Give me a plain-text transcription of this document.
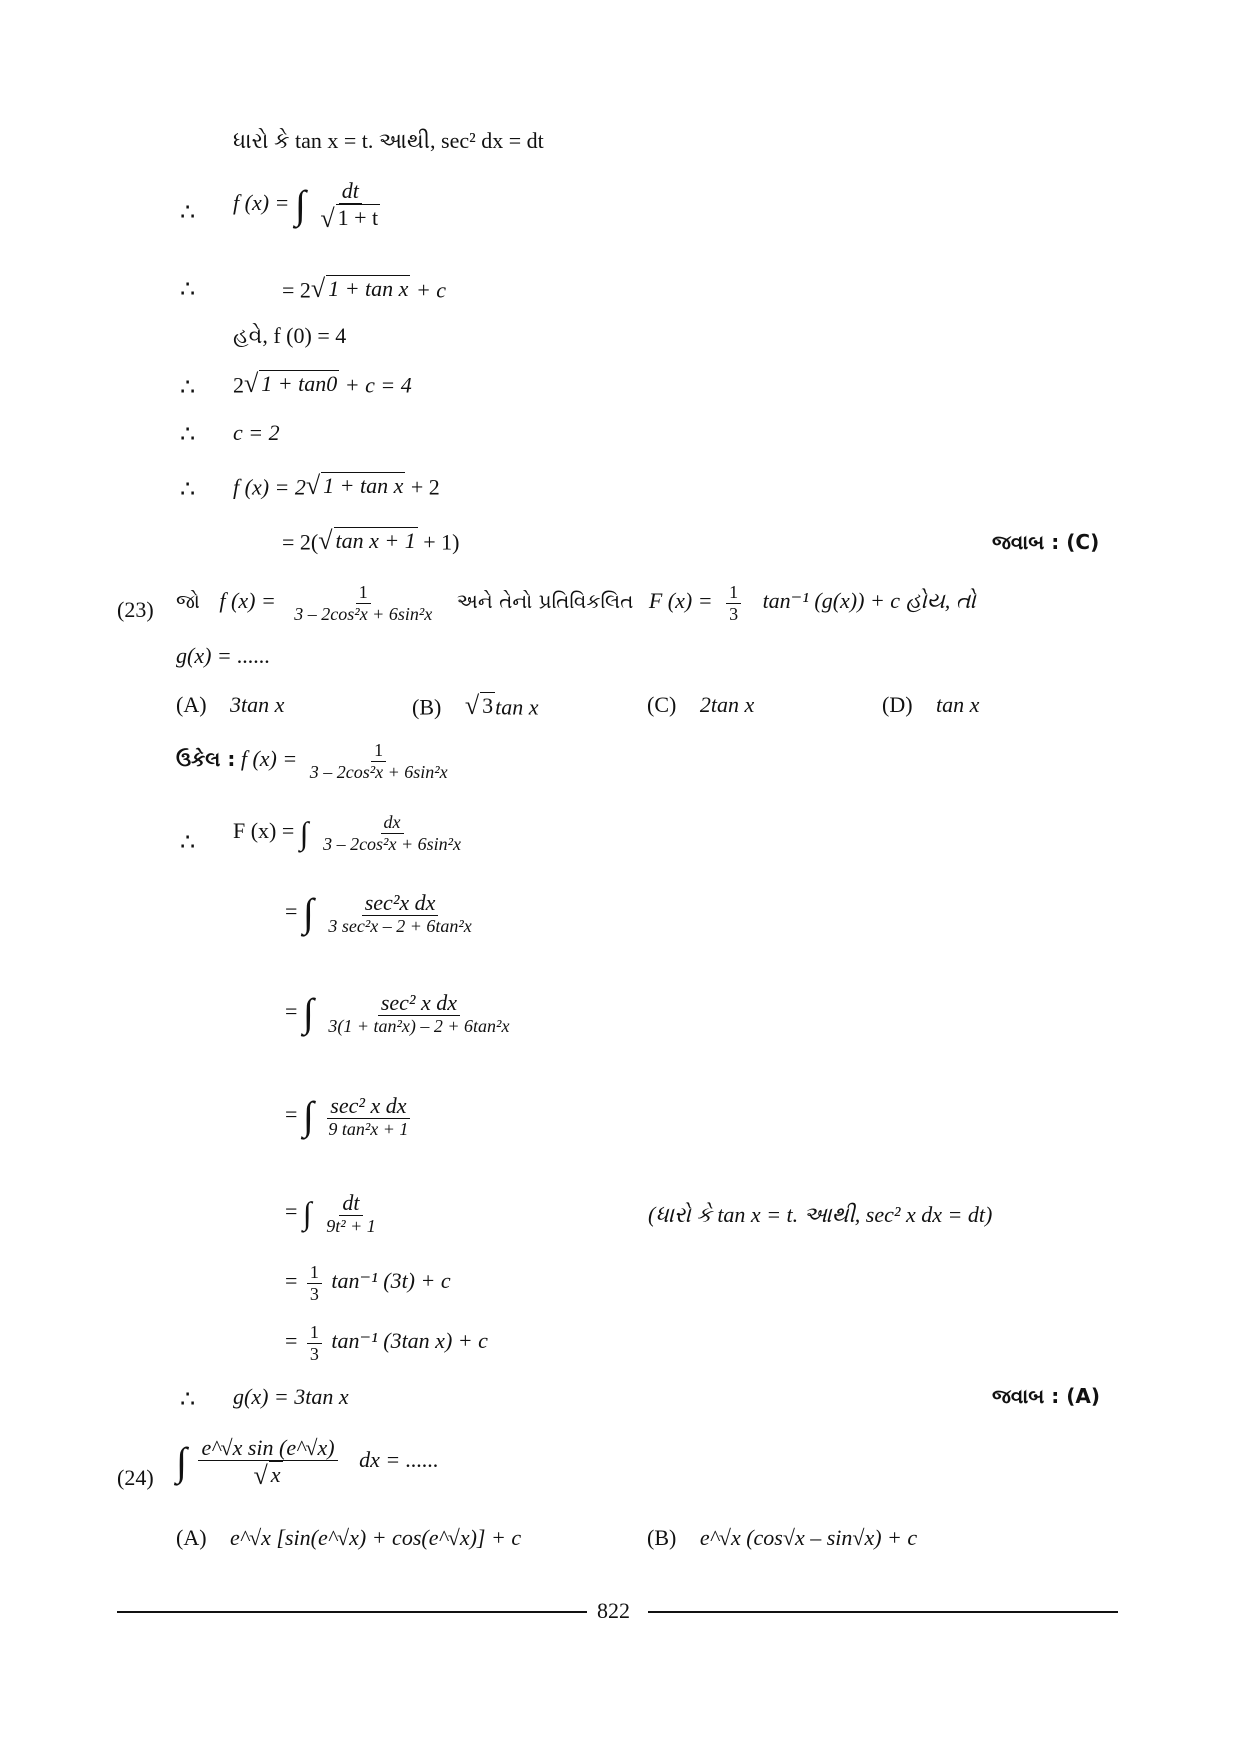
ધારો કે tan x = t. આથી, sec² dx = dt
∴ f (x) = ∫ $\frac{dt}{√ 1 + t}$
∴	= 2 √ 1 + tan x + c
હવે, f (0) = 4
∴ 2 √ 1 + tan0 + c = 4
∴ c = 2
∴ f (x) = 2 √ 1 + tan x + 2
= 2( √ tan x + 1 + 1)	જવાબ : (C)
(23) જો f $(x) = \frac{1}{\text{3 – 2cos²x + 6sin²x}}$ અને તેનો પ્રતિવિકલિત F $(x) = \frac{1}{3} \tan^{-1}$ (g(x)) + c હોય, તો
g(x) = ......
(A) 3tan x	(B) √ 3 tan x	(C) 2tan x	(D) tan x
ઉકેલ : f $(x) = \frac{1}{\text{3 – 2cos²x + 6sin²x}}$
∴ F (x) = ∫ $\frac{dx}{\text{3 – 2cos²x + 6sin²x}}$
= ∫ $\frac{\text{sec²x dx}}{\text{3 sec²x – 2 + 6tan²x}}$
= ∫ $\frac{\text{sec² x dx}}{\text{3(1 + tan²x) – 2 + 6tan²x}}$
= ∫ $\frac{\text{sec² x dx}}{\text{9 tan²x + 1}}$
= ∫ $\frac{dt}{\text{9t² + 1}}$	(ધારો કે tan x = t. આથી, sec² x dx = dt)
= $\frac{1}{3} \tan^{-1}$ (3t) + c
= $\frac{1}{3} \tan^{-1}$ (3tan x) + c
∴ g(x) = 3tan x	જવાબ : (A)
(24) ∫ $\frac{\text{e\textasciicircum{}√x sin (e\textasciicircum{}√x)}}{√ x}$ dx = ......
(A) e^√x [sin(e^√x) + cos(e^√x)] + c	(B) e^√x (cos√x – sin√x) + c
822
